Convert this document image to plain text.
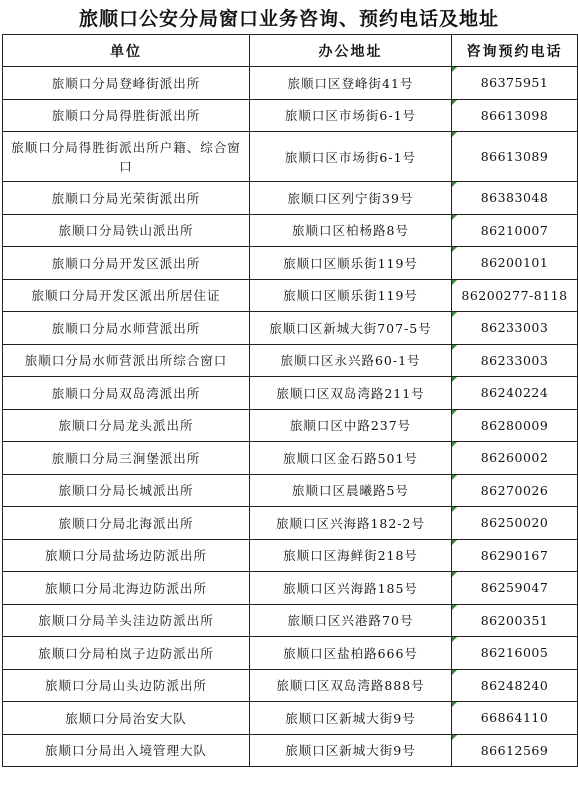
旅顺口公安分局窗口业务咨询、预约电话及地址
单位	办公地址	咨询预约电话
旅顺口分局登峰街派出所	旅顺口区登峰街41号	86375951
旅顺口分局得胜街派出所	旅顺口区市场街6-1号	86613098
旅顺口分局得胜街派出所户籍、综合窗口	旅顺口区市场街6-1号	86613089
旅顺口分局光荣街派出所	旅顺口区列宁街39号	86383048
旅顺口分局铁山派出所	旅顺口区柏杨路8号	86210007
旅顺口分局开发区派出所	旅顺口区顺乐街119号	86200101
旅顺口分局开发区派出所居住证	旅顺口区顺乐街119号	86200277-8118
旅顺口分局水师营派出所	旅顺口区新城大街707-5号	86233003
旅顺口分局水师营派出所综合窗口	旅顺口区永兴路60-1号	86233003
旅顺口分局双岛湾派出所	旅顺口区双岛湾路211号	86240224
旅顺口分局龙头派出所	旅顺口区中路237号	86280009
旅顺口分局三涧堡派出所	旅顺口区金石路501号	86260002
旅顺口分局长城派出所	旅顺口区晨曦路5号	86270026
旅顺口分局北海派出所	旅顺口区兴海路182-2号	86250020
旅顺口分局盐场边防派出所	旅顺口区海鲜街218号	86290167
旅顺口分局北海边防派出所	旅顺口区兴海路185号	86259047
旅顺口分局羊头洼边防派出所	旅顺口区兴港路70号	86200351
旅顺口分局柏岚子边防派出所	旅顺口区盐柏路666号	86216005
旅顺口分局山头边防派出所	旅顺口区双岛湾路888号	86248240
旅顺口分局治安大队	旅顺口区新城大街9号	66864110
旅顺口分局出入境管理大队	旅顺口区新城大街9号	86612569
